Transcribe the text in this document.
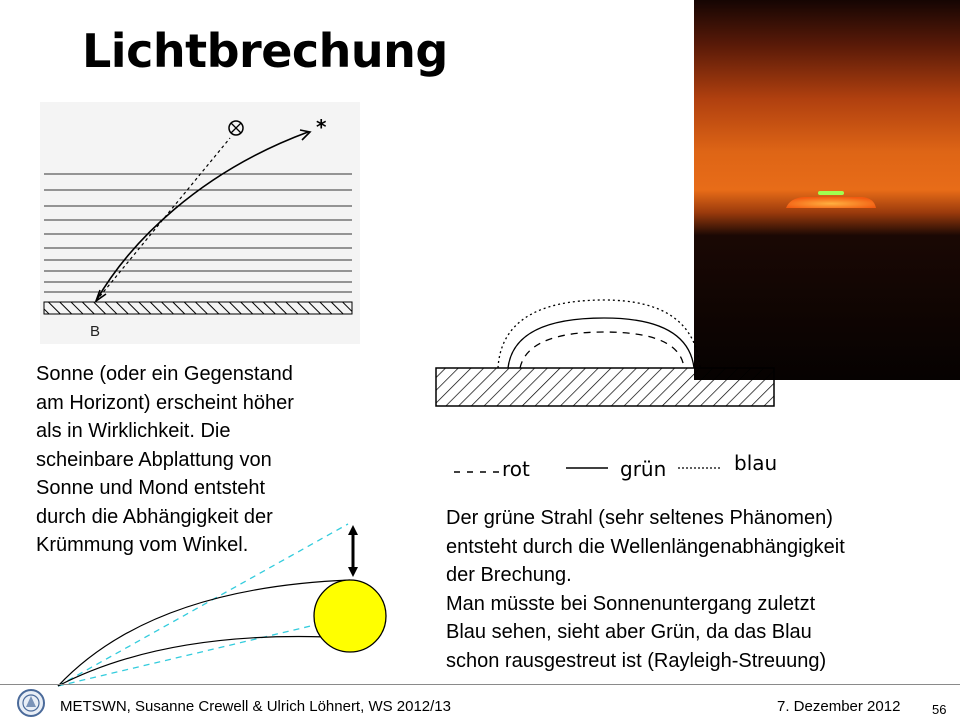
Lichtbrechung
*
B
rot	grün	blau
Sonne (oder ein Gegenstand
am Horizont) erscheint höher
als in Wirklichkeit. Die
scheinbare Abplattung von
Sonne und Mond entsteht
durch die Abhängigkeit der
Krümmung vom Winkel.
Der grüne Strahl (sehr seltenes Phänomen)
entsteht durch die Wellenlängenabhängigkeit
der Brechung.
Man müsste bei Sonnenuntergang zuletzt
Blau sehen, sieht aber Grün, da das Blau
schon rausgestreut ist (Rayleigh-Streuung)
METSWN, Susanne Crewell & Ulrich Löhnert, WS 2012/13	7. Dezember 2012 56
